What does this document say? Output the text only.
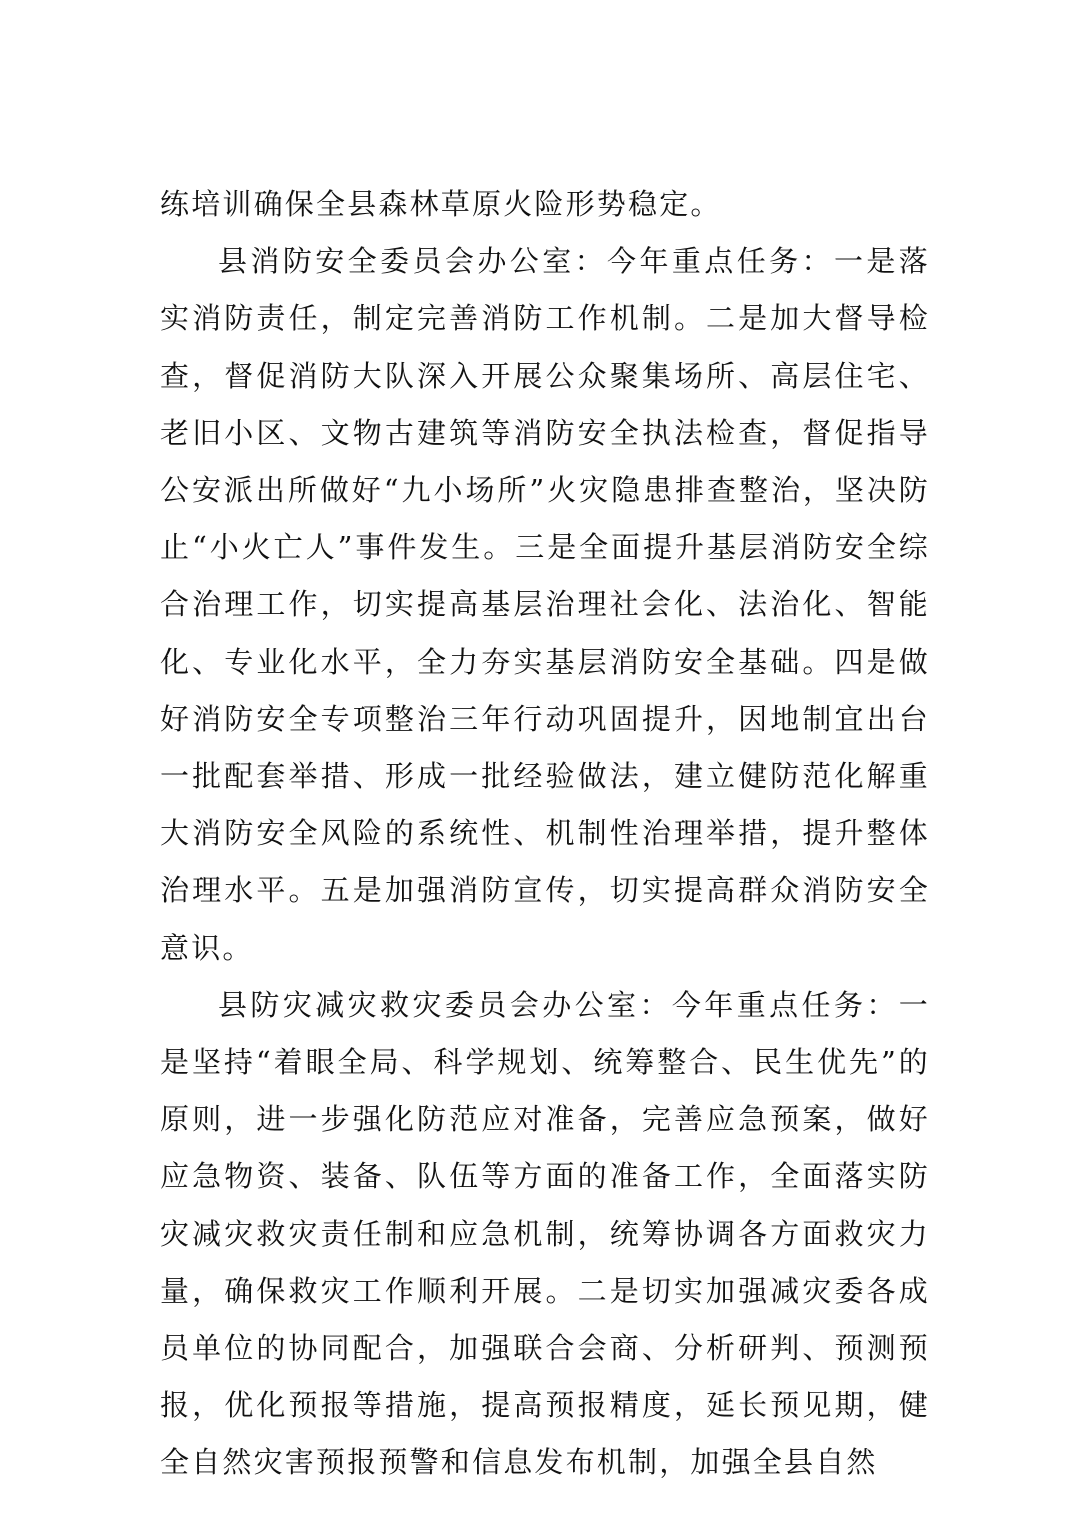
练培训确保全县森林草原火险形势稳定。

县消防安全委员会办公室：今年重点任务：一是落实消防责任，制定完善消防工作机制。二是加大督导检查，督促消防大队深入开展公众聚集场所、高层住宅、老旧小区、文物古建筑等消防安全执法检查，督促指导公安派出所做好“九小场所”火灾隐患排查整治，坚决防止“小火亡人”事件发生。三是全面提升基层消防安全综合治理工作，切实提高基层治理社会化、法治化、智能化、专业化水平，全力夯实基层消防安全基础。四是做好消防安全专项整治三年行动巩固提升，因地制宜出台一批配套举措、形成一批经验做法，建立健防范化解重大消防安全风险的系统性、机制性治理举措，提升整体治理水平。五是加强消防宣传，切实提高群众消防安全意识。

县防灾减灾救灾委员会办公室：今年重点任务：一是坚持“着眼全局、科学规划、统筹整合、民生优先”的原则，进一步强化防范应对准备，完善应急预案，做好应急物资、装备、队伍等方面的准备工作，全面落实防灾减灾救灾责任制和应急机制，统筹协调各方面救灾力量，确保救灾工作顺利开展。二是切实加强减灾委各成员单位的协同配合，加强联合会商、分析研判、预测预报，优化预报等措施，提高预报精度，延长预见期，健全自然灾害预报预警和信息发布机制，加强全县自然
